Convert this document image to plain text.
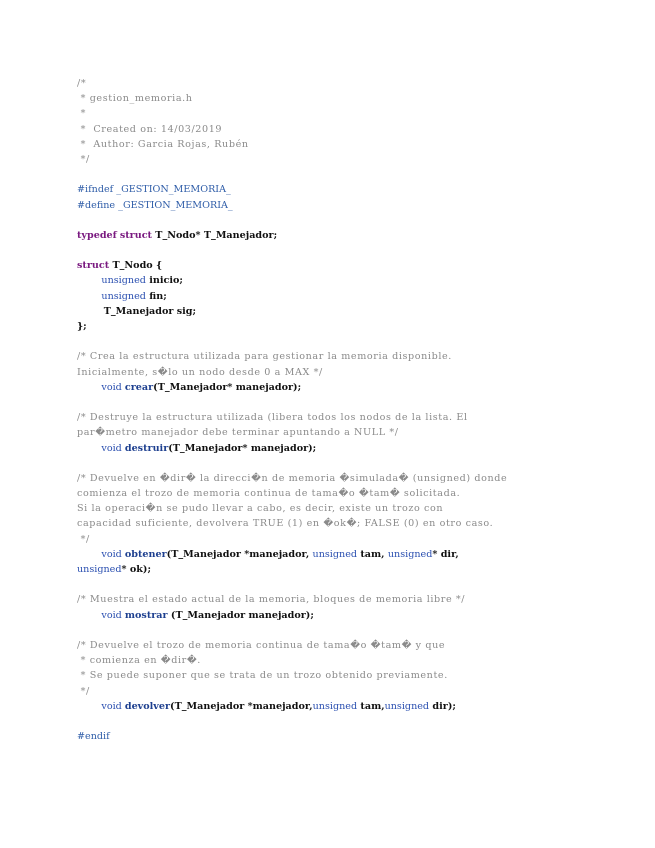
/*
* gestion_memoria.h
*
*  Created on: 14/03/2019
*  Author: Garcia Rojas, Rubén
*/
#ifndef _GESTION_MEMORIA_
#define _GESTION_MEMORIA_
typedef struct T_Nodo* T_Manejador;
struct T_Nodo {
unsigned inicio;
unsigned fin;
T_Manejador sig;
};
/* Crea la estructura utilizada para gestionar la memoria disponible.
Inicialmente, s�lo un nodo desde 0 a MAX */
void crear(T_Manejador* manejador);
/* Destruye la estructura utilizada (libera todos los nodos de la lista. El
par�metro manejador debe terminar apuntando a NULL */
void destruir(T_Manejador* manejador);
/* Devuelve en �dir� la direcci�n de memoria �simulada� (unsigned) donde
comienza el trozo de memoria continua de tama�o �tam� solicitada.
Si la operaci�n se pudo llevar a cabo, es decir, existe un trozo con
capacidad suficiente, devolvera TRUE (1) en �ok�; FALSE (0) en otro caso.
*/
void obtener(T_Manejador *manejador, unsigned tam, unsigned* dir,
unsigned* ok);
/* Muestra el estado actual de la memoria, bloques de memoria libre */
void mostrar (T_Manejador manejador);
/* Devuelve el trozo de memoria continua de tama�o �tam� y que
* comienza en �dir�.
* Se puede suponer que se trata de un trozo obtenido previamente.
*/
void devolver(T_Manejador *manejador,unsigned tam,unsigned dir);
#endif
